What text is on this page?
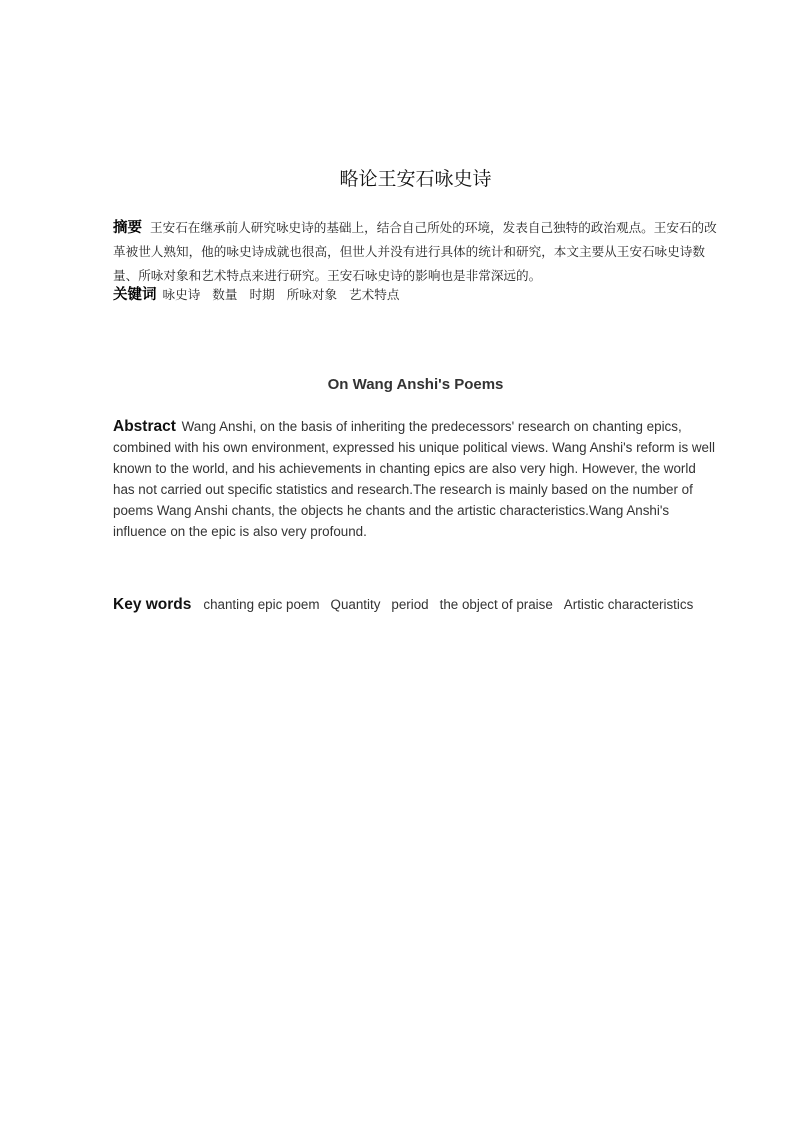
略论王安石咏史诗

摘要 王安石在继承前人研究咏史诗的基础上，结合自己所处的环境，发表自己独特的政治观点。王安石的改革被世人熟知，他的咏史诗成就也很高，但世人并没有进行具体的统计和研究，本文主要从王安石咏史诗数量、所咏对象和艺术特点来进行研究。王安石咏史诗的影响也是非常深远的。

关键词 咏史诗 数量 时期 所咏对象 艺术特点

On Wang Anshi's Poems

Abstract Wang Anshi, on the basis of inheriting the predecessors' research on chanting epics, combined with his own environment, expressed his unique political views. Wang Anshi's reform is well known to the world, and his achievements in chanting epics are also very high. However, the world has not carried out specific statistics and research.The research is mainly based on the number of poems Wang Anshi chants, the objects he chants and the artistic characteristics.Wang Anshi's influence on the epic is also very profound.

Key words chanting epic poem Quantity period the object of praise Artistic characteristics
